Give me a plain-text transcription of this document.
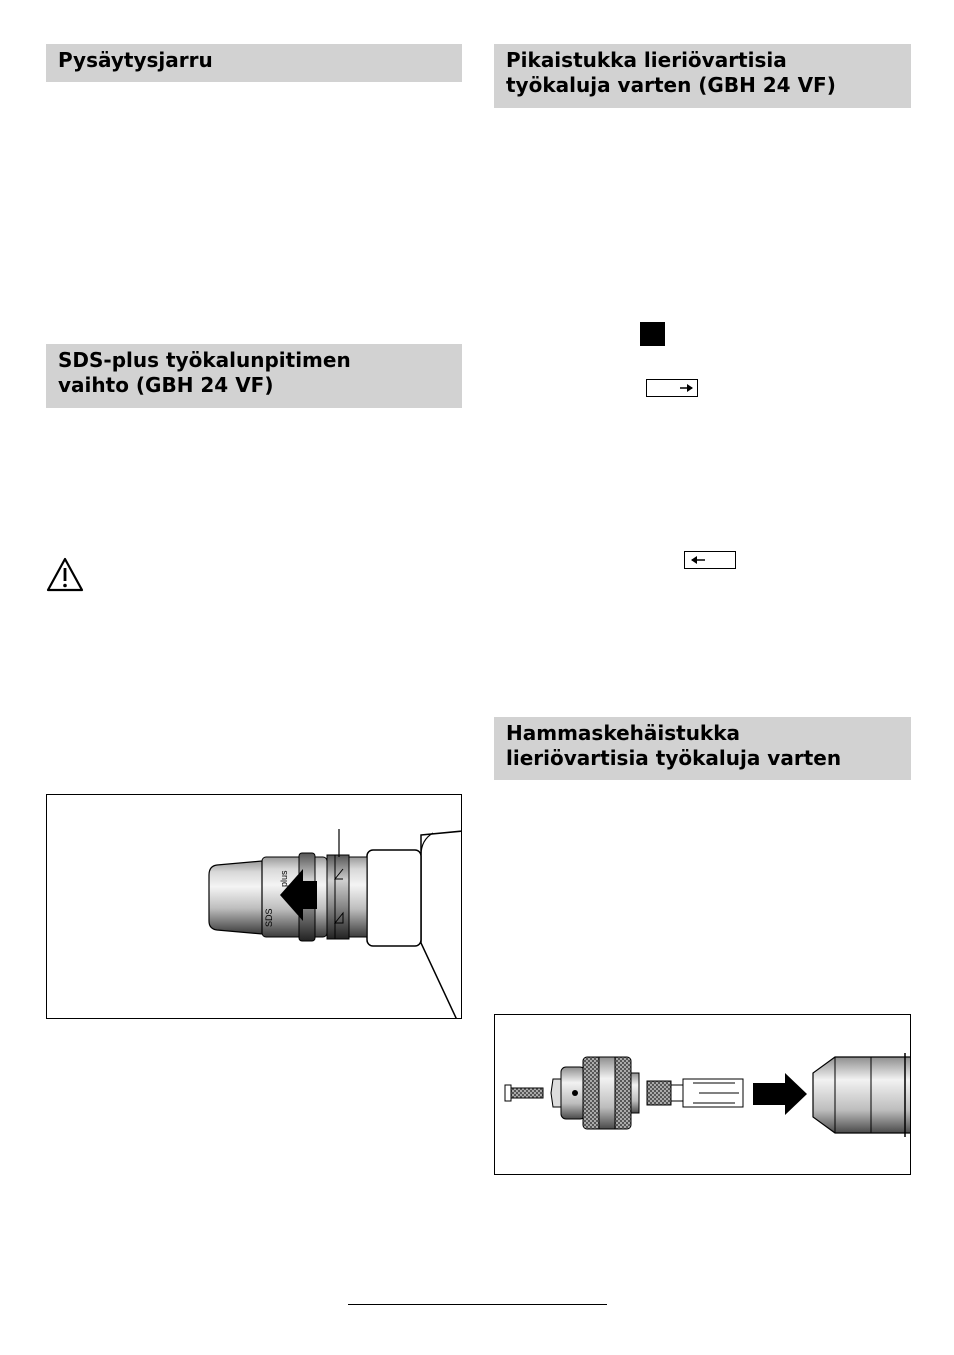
Pysäytysjarru
SDS-plus työkalunpitimen
vaihto (GBH 24 VF)
Pikaistukka lieriövartisia
työkaluja varten (GBH 24 VF)
Hammaskehäistukka
lieriövartisia työkaluja varten
SDS
plus
